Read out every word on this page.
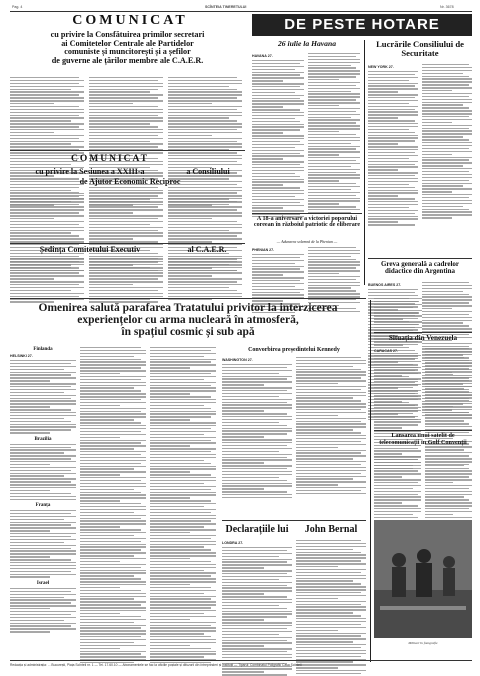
Pag. 4	SCÎNTEIA TINERETULUI	Nr. 3678
COMUNICAT
cu privire la Consfătuirea primilor secretari
ai Comitetelor Centrale ale Partidelor
comuniste și muncitorești și a șefilor
de guverne ale țărilor membre ale C.A.E.R.
DE PESTE HOTARE
26 iulie la Havana
HAVANA 27.
Lucrările Consiliului de Securitate
NEW YORK 27.
A 18-a aniversare a victoriei poporului coreean în războiul patriotic de eliberare
— Adunarea solemnă de la Phenian —
PHENIAN 27.
Greva generală a cadrelor didactice din Argentina
BUENOS AIRES 27.
COMUNICAT
cu privire la Sesiunea a XXIII-a	a Consiliului
de Ajutor Economic Reciproc
Ședința Comitetului Executiv	al C.A.E.R.
Omenirea salută parafarea Tratatului privitor la interzicerea
experiențelor cu arma nucleară în atmosferă,
în spațiul cosmic și sub apă
Finlanda
HELSINKI 27.
Brazilia
Franța
Israel
Convorbirea președintelui Kennedy
WASHINGTON 27.
Declarațiile lui	John Bernal
LONDRA 27.
Situația din Venezuela
CARACAS 27.
Lansarea unui satelit de telecomunicații în Golf Convenții
Militari în fotografie
Redacția și administrația: ... București, Piața Scînteii nr. 1 — Tel. 17.60.10 — Abonamentele se fac la oficiile poștale și difuzorii din întreprinderi și instituții — Tiparul: Combinatul Poligrafic Casa Scînteii
